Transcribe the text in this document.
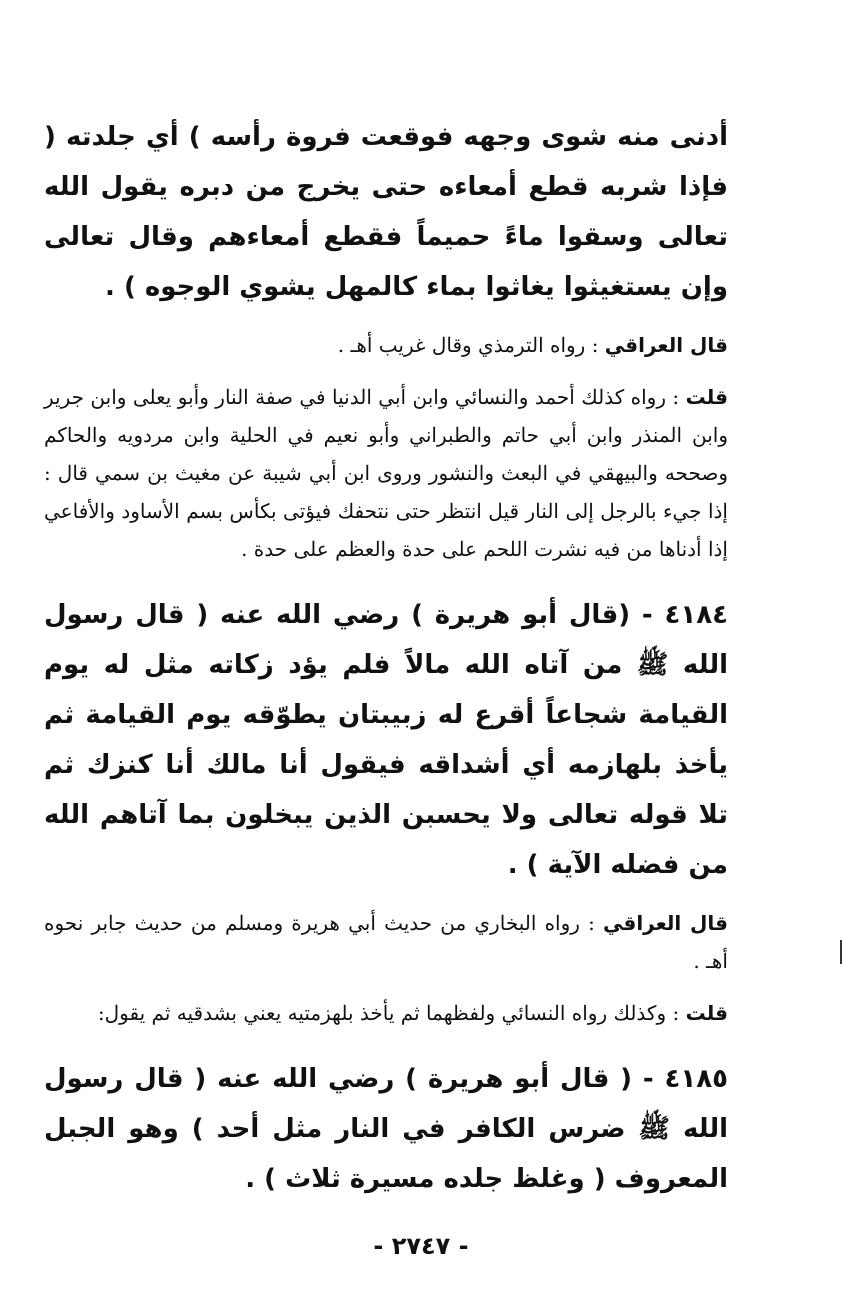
أدنى منه شوى وجهه فوقعت فروة رأسه ) أي جلدته ( فإذا شربه قطع أمعاءه حتى يخرج من دبره يقول الله تعالى وسقوا ماءً حميماً فقطع أمعاءهم وقال تعالى وإن يستغيثوا يغاثوا بماء كالمهل يشوي الوجوه ) .

قال العراقي : رواه الترمذي وقال غريب أهـ .

قلت : رواه كذلك أحمد والنسائي وابن أبي الدنيا في صفة النار وأبو يعلى وابن جرير وابن المنذر وابن أبي حاتم والطبراني وأبو نعيم في الحلية وابن مردويه والحاكم وصححه والبيهقي في البعث والنشور وروى ابن أبي شيبة عن مغيث بن سمي قال : إذا جيء بالرجل إلى النار قيل انتظر حتى نتحفك فيؤتى بكأس بسم الأساود والأفاعي إذا أدناها من فيه نشرت اللحم على حدة والعظم على حدة .

٤١٨٤ - (قال أبو هريرة ) رضي الله عنه ( قال رسول الله ﷺ من آتاه الله مالاً فلم يؤد زكاته مثل له يوم القيامة شجاعاً أقرع له زبيبتان يطوّقه يوم القيامة ثم يأخذ بلهازمه أي أشداقه فيقول أنا مالك أنا كنزك ثم تلا قوله تعالى ولا يحسبن الذين يبخلون بما آتاهم الله من فضله الآية ) .

قال العراقي : رواه البخاري من حديث أبي هريرة ومسلم من حديث جابر نحوه أهـ .

قلت : وكذلك رواه النسائي ولفظهما ثم يأخذ بلهزمتيه يعني بشدقيه ثم يقول:

٤١٨٥ - ( قال أبو هريرة ) رضي الله عنه ( قال رسول الله ﷺ ضرس الكافر في النار مثل أحد ) وهو الجبل المعروف ( وغلظ جلده مسيرة ثلاث ) .

- ٢٧٤٧ -
